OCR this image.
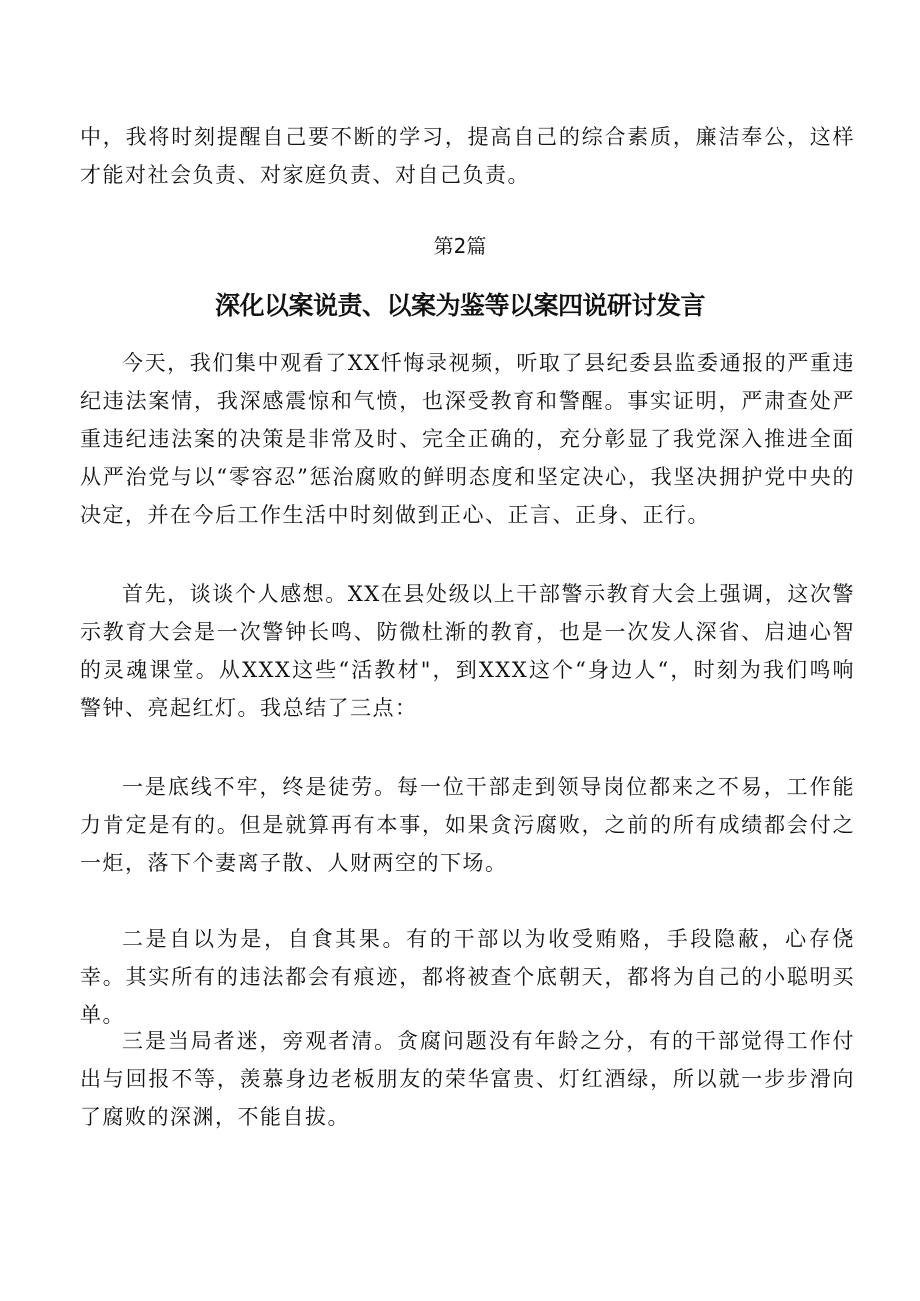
中，我将时刻提醒自己要不断的学习，提高自己的综合素质，廉洁奉公，这样才能对社会负责、对家庭负责、对自己负责。

第2篇

深化以案说责、以案为鉴等以案四说研讨发言

今天，我们集中观看了XX忏悔录视频，听取了县纪委县监委通报的严重违纪违法案情，我深感震惊和气愤，也深受教育和警醒。事实证明，严肃查处严重违纪违法案的决策是非常及时、完全正确的，充分彰显了我党深入推进全面从严治党与以“零容忍”惩治腐败的鲜明态度和坚定决心，我坚决拥护党中央的决定，并在今后工作生活中时刻做到正心、正言、正身、正行。

首先，谈谈个人感想。XX在县处级以上干部警示教育大会上强调，这次警示教育大会是一次警钟长鸣、防微杜渐的教育，也是一次发人深省、启迪心智的灵魂课堂。从XXX这些“活教材"，到XXX这个“身边人“，时刻为我们鸣响警钟、亮起红灯。我总结了三点：

一是底线不牢，终是徒劳。每一位干部走到领导岗位都来之不易，工作能力肯定是有的。但是就算再有本事，如果贪污腐败，之前的所有成绩都会付之一炬，落下个妻离子散、人财两空的下场。

二是自以为是，自食其果。有的干部以为收受贿赂，手段隐蔽，心存侥幸。其实所有的违法都会有痕迹，都将被查个底朝天，都将为自己的小聪明买单。

三是当局者迷，旁观者清。贪腐问题没有年龄之分，有的干部觉得工作付出与回报不等，羡慕身边老板朋友的荣华富贵、灯红酒绿，所以就一步步滑向了腐败的深渊，不能自拔。
